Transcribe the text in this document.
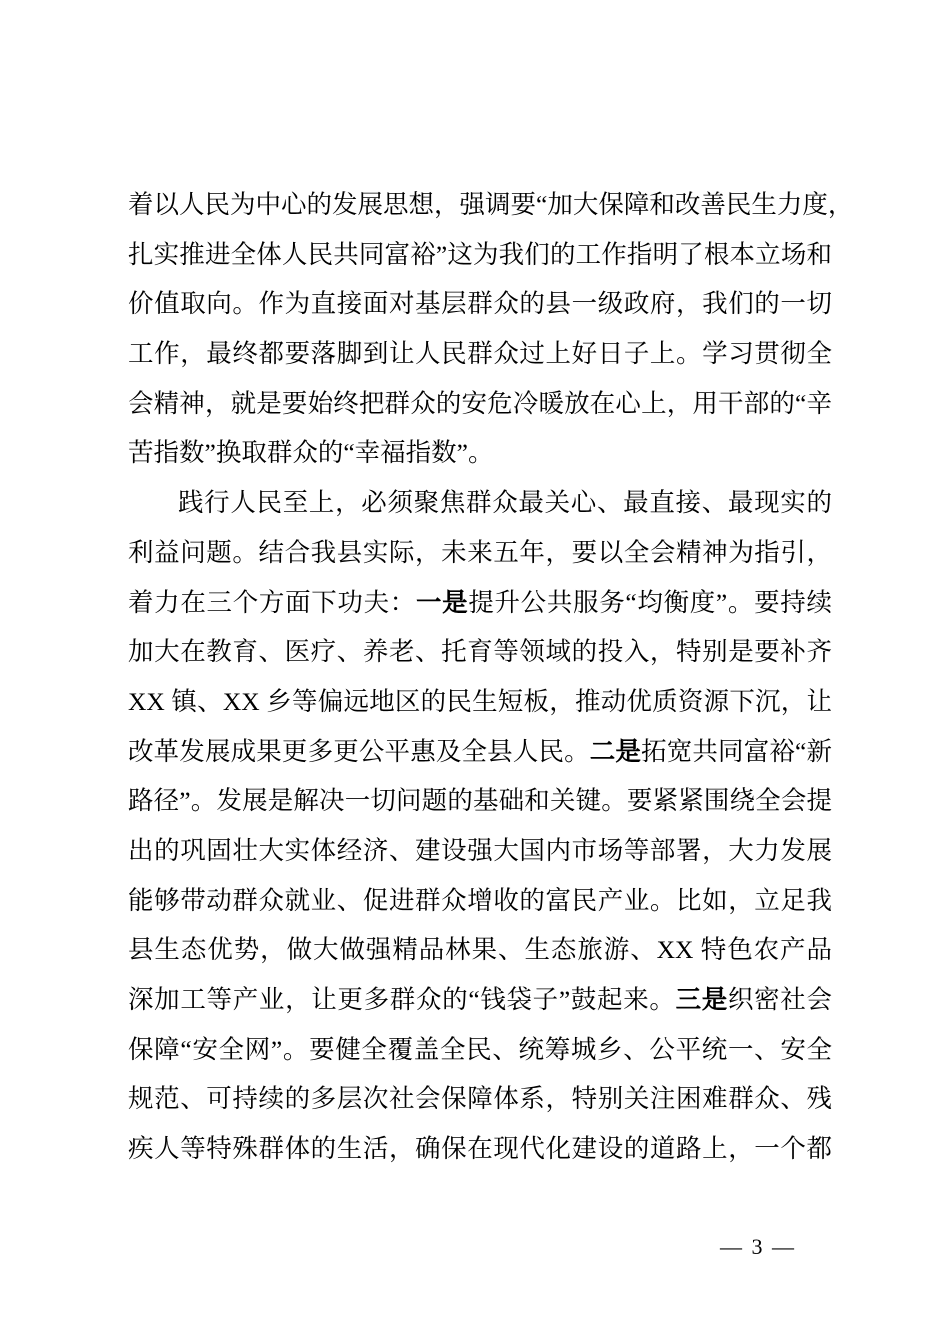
着以人民为中心的发展思想，强调要“加大保障和改善民生力度，
扎实推进全体人民共同富裕”这为我们的工作指明了根本立场和
价值取向。作为直接面对基层群众的县一级政府，我们的一切
工作，最终都要落脚到让人民群众过上好日子上。学习贯彻全
会精神，就是要始终把群众的安危冷暖放在心上，用干部的“辛
苦指数”换取群众的“幸福指数”。
践行人民至上，必须聚焦群众最关心、最直接、最现实的
利益问题。结合我县实际，未来五年，要以全会精神为指引，
着力在三个方面下功夫：一是提升公共服务“均衡度”。要持续
加大在教育、医疗、养老、托育等领域的投入，特别是要补齐
XX 镇、XX 乡等偏远地区的民生短板，推动优质资源下沉，让
改革发展成果更多更公平惠及全县人民。二是拓宽共同富裕“新
路径”。发展是解决一切问题的基础和关键。要紧紧围绕全会提
出的巩固壮大实体经济、建设强大国内市场等部署，大力发展
能够带动群众就业、促进群众增收的富民产业。比如，立足我
县生态优势，做大做强精品林果、生态旅游、XX 特色农产品
深加工等产业，让更多群众的“钱袋子”鼓起来。三是织密社会
保障“安全网”。要健全覆盖全民、统筹城乡、公平统一、安全
规范、可持续的多层次社会保障体系，特别关注困难群众、残
疾人等特殊群体的生活，确保在现代化建设的道路上，一个都
— 3 —
